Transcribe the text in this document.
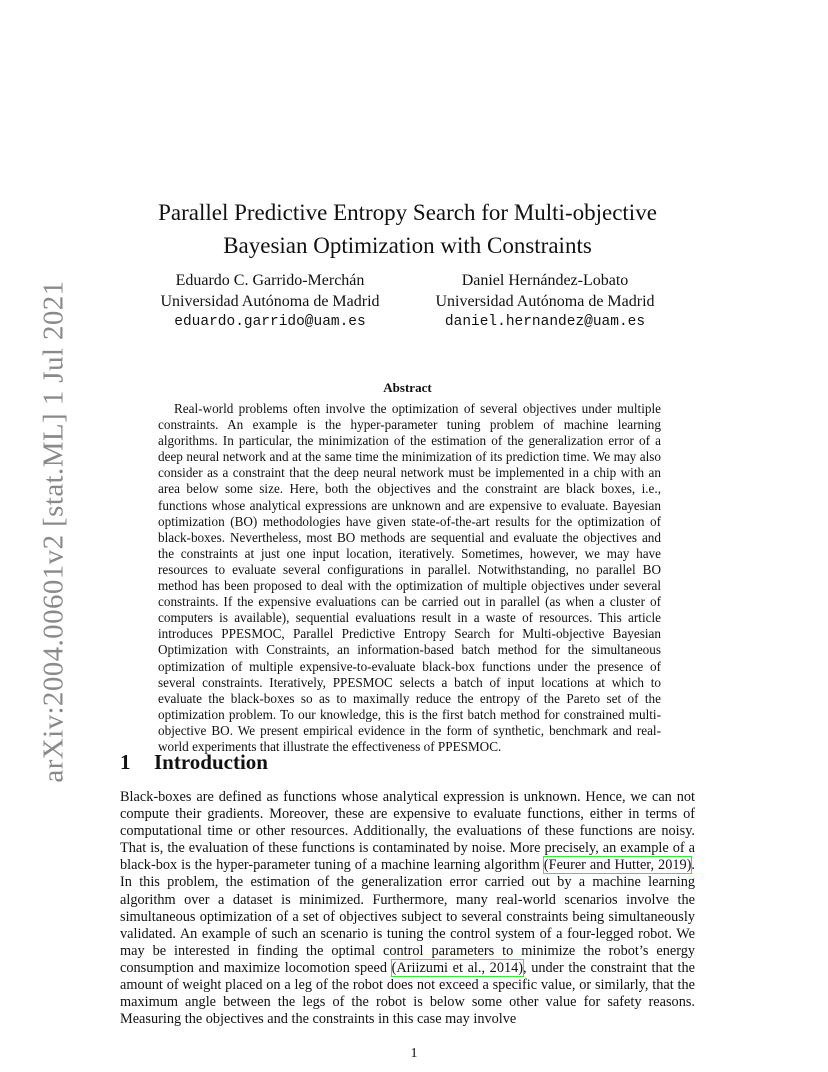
arXiv:2004.00601v2 [stat.ML] 1 Jul 2021
Parallel Predictive Entropy Search for Multi-objective Bayesian Optimization with Constraints
Eduardo C. Garrido-Merchán
Universidad Autónoma de Madrid
eduardo.garrido@uam.es
Daniel Hernández-Lobato
Universidad Autónoma de Madrid
daniel.hernandez@uam.es
Abstract

Real-world problems often involve the optimization of several objectives under multiple constraints. An example is the hyper-parameter tuning problem of machine learning algorithms. In particular, the minimization of the estimation of the generalization error of a deep neural network and at the same time the minimization of its prediction time. We may also consider as a constraint that the deep neural network must be implemented in a chip with an area below some size. Here, both the objectives and the constraint are black boxes, i.e., functions whose analytical expressions are unknown and are expensive to evaluate. Bayesian optimization (BO) methodologies have given state-of-the-art results for the optimization of black-boxes. Nevertheless, most BO methods are sequential and evaluate the objectives and the constraints at just one input location, iteratively. Sometimes, however, we may have resources to evaluate several configurations in parallel. Notwithstanding, no parallel BO method has been proposed to deal with the optimization of multiple objectives under several constraints. If the expensive evaluations can be carried out in parallel (as when a cluster of computers is available), sequential evaluations result in a waste of resources. This article introduces PPESMOC, Parallel Predictive Entropy Search for Multi-objective Bayesian Optimization with Constraints, an information-based batch method for the simultaneous optimization of multiple expensive-to-evaluate black-box functions under the presence of several constraints. Iteratively, PPESMOC selects a batch of input locations at which to evaluate the black-boxes so as to maximally reduce the entropy of the Pareto set of the optimization problem. To our knowledge, this is the first batch method for constrained multi-objective BO. We present empirical evidence in the form of synthetic, benchmark and real-world experiments that illustrate the effectiveness of PPESMOC.

1 Introduction

Black-boxes are defined as functions whose analytical expression is unknown. Hence, we can not compute their gradients. Moreover, these are expensive to evaluate functions, either in terms of computational time or other resources. Additionally, the evaluations of these functions are noisy. That is, the evaluation of these functions is contaminated by noise. More precisely, an example of a black-box is the hyper-parameter tuning of a machine learning algorithm (Feurer and Hutter, 2019). In this problem, the estimation of the generalization error carried out by a machine learning algorithm over a dataset is minimized. Furthermore, many real-world scenarios involve the simultaneous optimization of a set of objectives subject to several constraints being simultaneously validated. An example of such an scenario is tuning the control system of a four-legged robot. We may be interested in finding the optimal control parameters to minimize the robot’s energy consumption and maximize locomotion speed (Ariizumi et al., 2014), under the constraint that the amount of weight placed on a leg of the robot does not exceed a specific value, or similarly, that the maximum angle between the legs of the robot is below some other value for safety reasons. Measuring the objectives and the constraints in this case may involve

1
